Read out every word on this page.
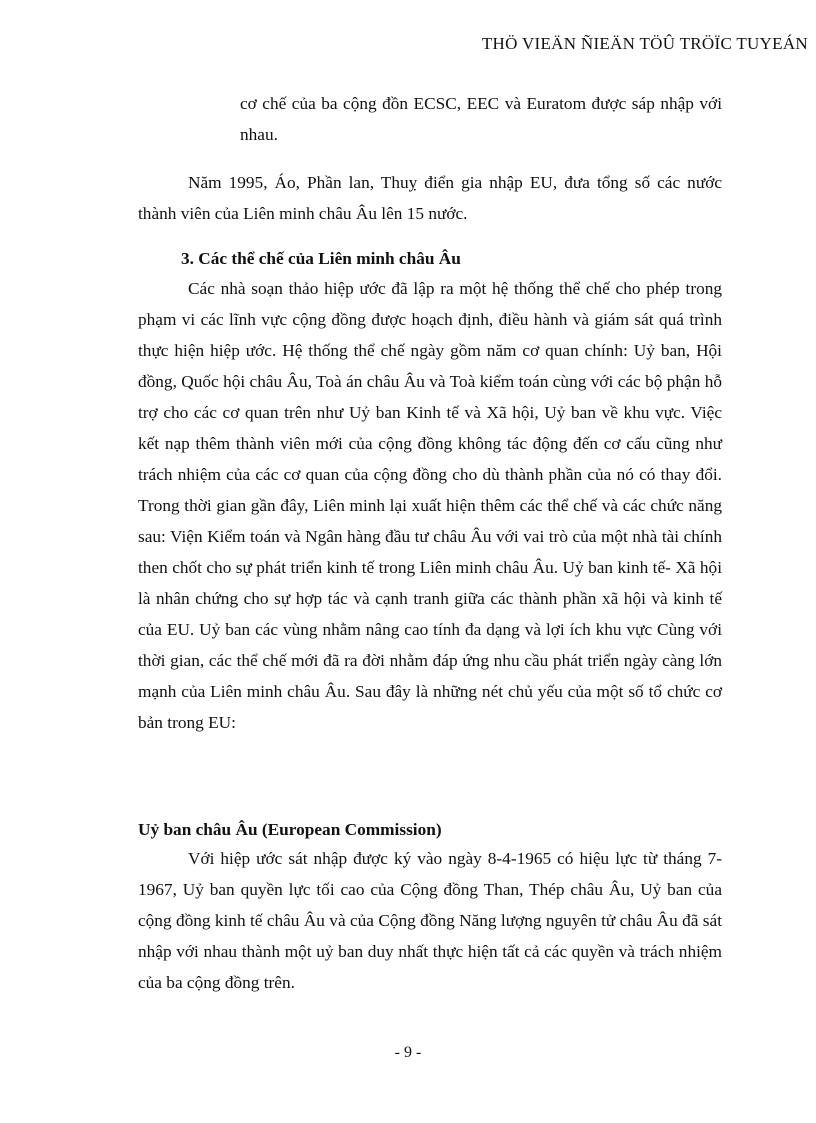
THÖ VIEÄN ÑIEÄN TÖÛ TRÖÏC TUYEÁN

cơ chế của ba cộng đồn ECSC, EEC và Euratom được sáp nhập với nhau.

Năm 1995, Áo, Phần lan, Thuỵ điển gia nhập EU, đưa tổng số các nước thành viên của Liên minh châu Âu lên 15 nước.

3. Các thể chế của Liên minh châu Âu

Các nhà soạn thảo hiệp ước đã lập ra một hệ thống thể chế cho phép trong phạm vi các lĩnh vực cộng đồng được hoạch định, điều hành và giám sát quá trình thực hiện hiệp ước. Hệ thống thể chế ngày gồm năm cơ quan chính: Uỷ ban, Hội đồng, Quốc hội châu Âu, Toà án châu Âu và Toà kiểm toán cùng với các bộ phận hỗ trợ cho các cơ quan trên như Uỷ ban Kinh tế và Xã hội, Uỷ ban về khu vực. Việc kết nạp thêm thành viên mới của cộng đồng không tác động đến cơ cấu cũng như trách nhiệm của các cơ quan của cộng đồng cho dù thành phần của nó có thay đổi. Trong thời gian gần đây, Liên minh lại xuất hiện thêm các thể chế và các chức năng sau: Viện Kiểm toán và Ngân hàng đầu tư châu Âu với vai trò của một nhà tài chính then chốt cho sự phát triển kinh tế trong Liên minh châu Âu. Uỷ ban kinh tế- Xã hội là nhân chứng cho sự hợp tác và cạnh tranh giữa các thành phần xã hội và kinh tế của EU. Uỷ ban các vùng nhằm nâng cao tính đa dạng và lợi ích khu vực Cùng với thời gian, các thể chế mới đã ra đời nhằm đáp ứng nhu cầu phát triển ngày càng lớn mạnh của Liên minh châu Âu. Sau đây là những nét chủ yếu của một số tổ chức cơ bản trong EU:

Uỷ ban châu Âu (European Commission)

Với hiệp ước sát nhập được ký vào ngày 8-4-1965 có hiệu lực từ tháng 7-1967, Uỷ ban quyền lực tối cao của Cộng đồng Than, Thép châu Âu, Uỷ ban của cộng đồng kinh tế châu Âu và của Cộng đồng Năng lượng nguyên tử châu Âu đã sát nhập với nhau thành một uỷ ban duy nhất thực hiện tất cả các quyền và trách nhiệm của ba cộng đồng trên.

- 9 -
